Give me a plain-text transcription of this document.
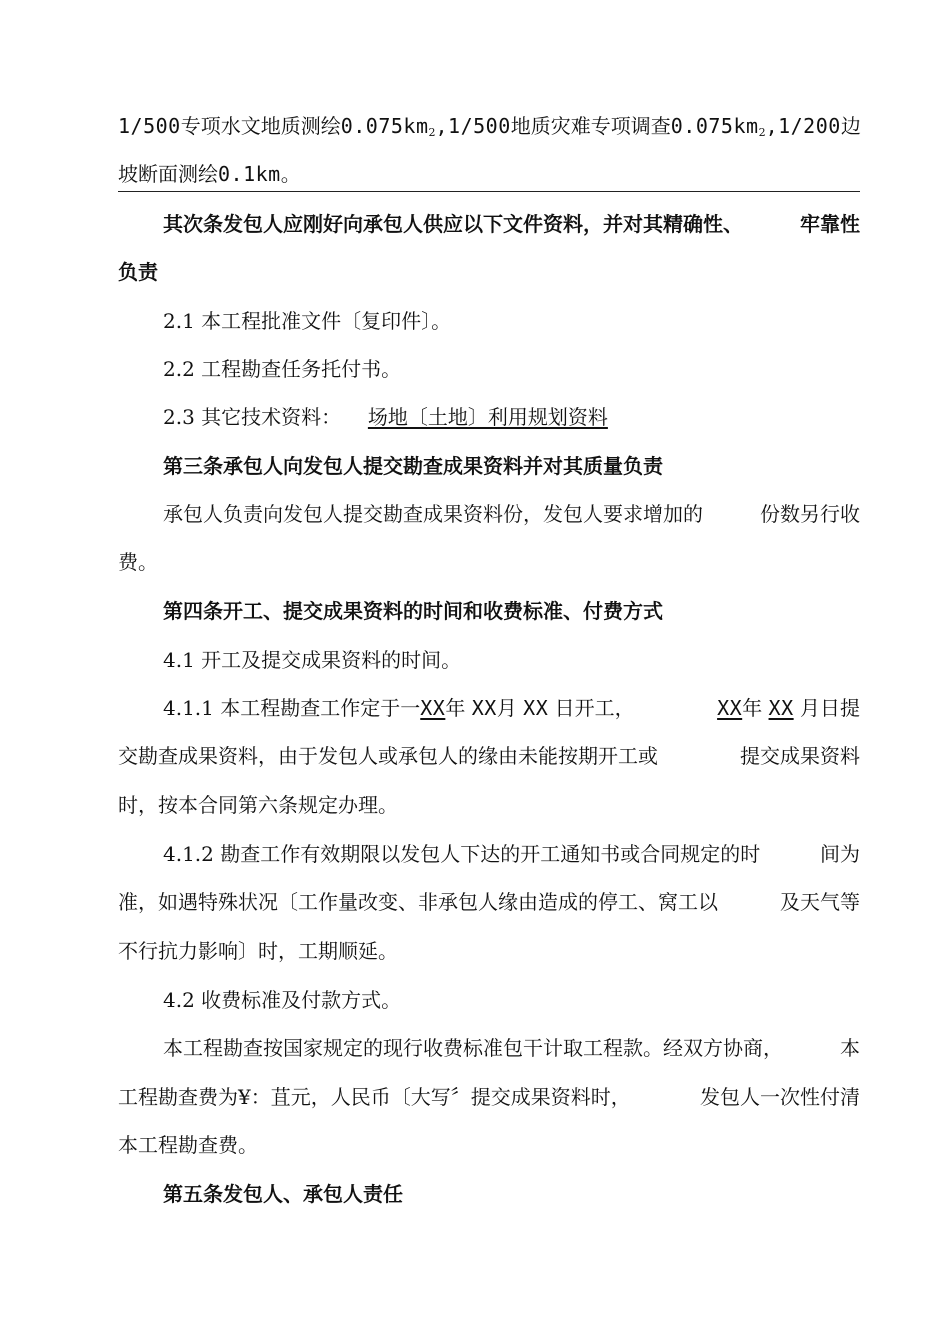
1/500专项水文地质测绘$0.075km_2,1/500$地质灾难专项调查$0.075km_2,1/200$ 边
坡断面测绘0.1km。
其次条发包人应刚好向承包人供应以下文件资料，并对其精确性、	牢靠性
负责
2.1 本工程批准文件〔复印件〕。
2.2 工程勘查任务托付书。
2.3 其它技术资料： 场地〔土地〕利用规划资料
第三条承包人向发包人提交勘查成果资料并对其质量负责
承包人负责向发包人提交勘查成果资料份，发包人要求增加的	份数另行收
费。
第四条开工、提交成果资料的时间和收费标准、付费方式
4.1 开工及提交成果资料的时间。
4.1.1 本工程勘查工作定于一XX年 XX月 XX 日开工，	XX年 XX 月日提
交勘查成果资料，由于发包人或承包人的缘由未能按期开工或	提交成果资料
时，按本合同第六条规定办理。
4.1.2 勘查工作有效期限以发包人下达的开工通知书或合同规定的时	间为
准，如遇特殊状况〔工作量改变、非承包人缘由造成的停工、窝工以	及天气等
不行抗力影响〕时，工期顺延。
4.2 收费标准及付款方式。
本工程勘查按国家规定的现行收费标准包干计取工程款。经双方协商，	本
工程勘查费为¥：苴元，人民币〔大写〞提交成果资料时，	发包人一次性付清
本工程勘查费。
第五条发包人、承包人责任
